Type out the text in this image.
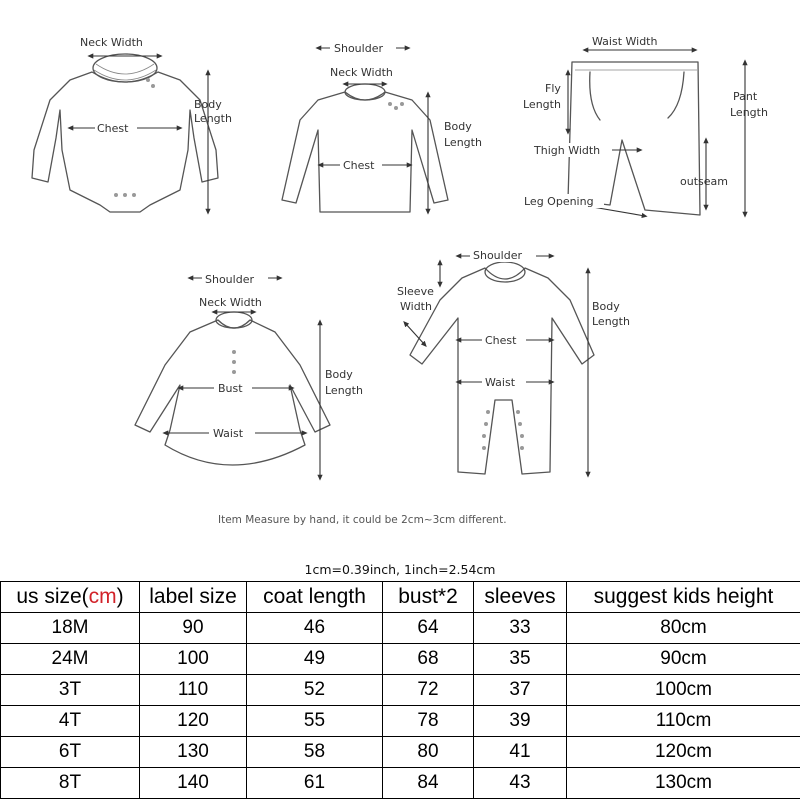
Neck Width
Chest
Body
Length
Shoulder
Neck Width
Chest
Body
Length
Waist Width
Fly
Length
Pant
Length
Thigh Width
outseam
Leg Opening
Shoulder
Neck Width
Bust
Waist
Body
Length
Shoulder
Sleeve
Width
Chest
Waist
Body
Length
Item Measure by hand, it could be 2cm~3cm different.
1cm=0.39inch, 1inch=2.54cm
us size(cm)	label size	coat length	bust*2	sleeves	suggest kids height
18M	90	46	64	33	80cm
24M	100	49	68	35	90cm
3T	110	52	72	37	100cm
4T	120	55	78	39	110cm
6T	130	58	80	41	120cm
8T	140	61	84	43	130cm
